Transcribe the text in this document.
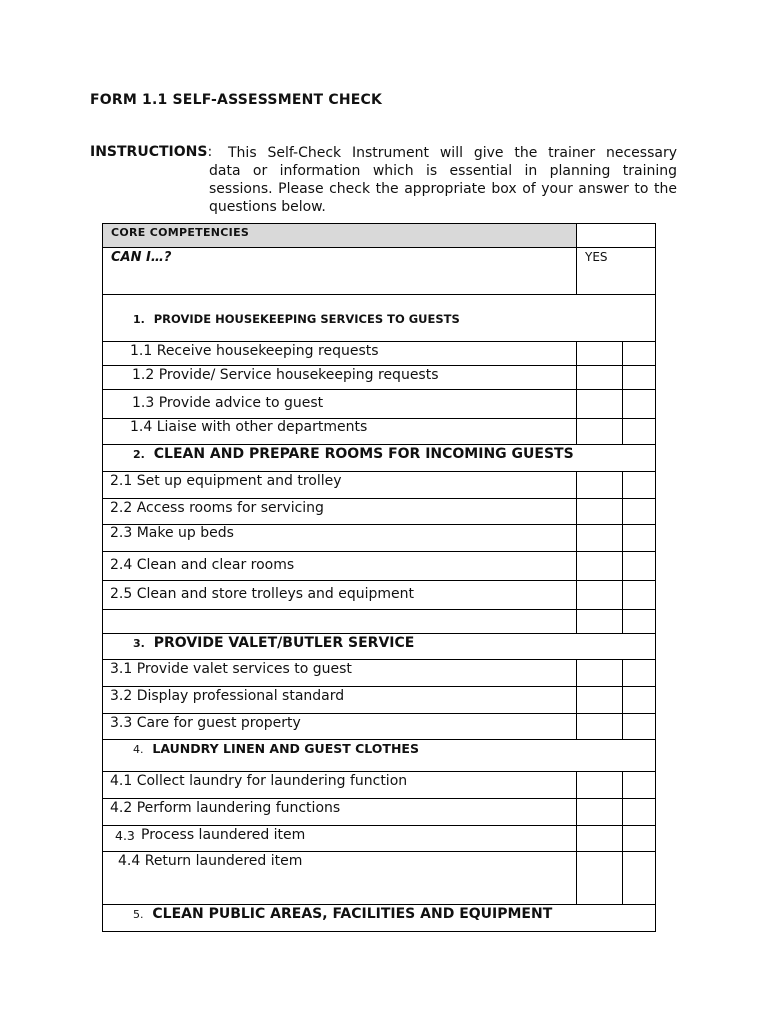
FORM 1.1 SELF-ASSESSMENT CHECK
INSTRUCTIONS: This Self-Check Instrument will give the trainer necessary
data or information which is essential in planning training sessions. Please check the appropriate box of your answer to the questions below.
CORE COMPETENCIES
CAN I…?	YES
1. PROVIDE HOUSEKEEPING SERVICES TO GUESTS
1.1 Receive housekeeping requests
1.2 Provide/ Service housekeeping requests
1.3 Provide advice to guest
1.4 Liaise with other departments
2. CLEAN AND PREPARE ROOMS FOR INCOMING GUESTS
2.1 Set up equipment and trolley
2.2 Access rooms for servicing
2.3 Make up beds
2.4 Clean and clear rooms
2.5 Clean and store trolleys and equipment
3. PROVIDE VALET/BUTLER SERVICE
3.1 Provide valet services to guest
3.2 Display professional standard
3.3 Care for guest property
4. LAUNDRY LINEN AND GUEST CLOTHES
4.1 Collect laundry for laundering function
4.2 Perform laundering functions
4.3 Process laundered item
4.4 Return laundered item
5. CLEAN PUBLIC AREAS, FACILITIES AND EQUIPMENT
